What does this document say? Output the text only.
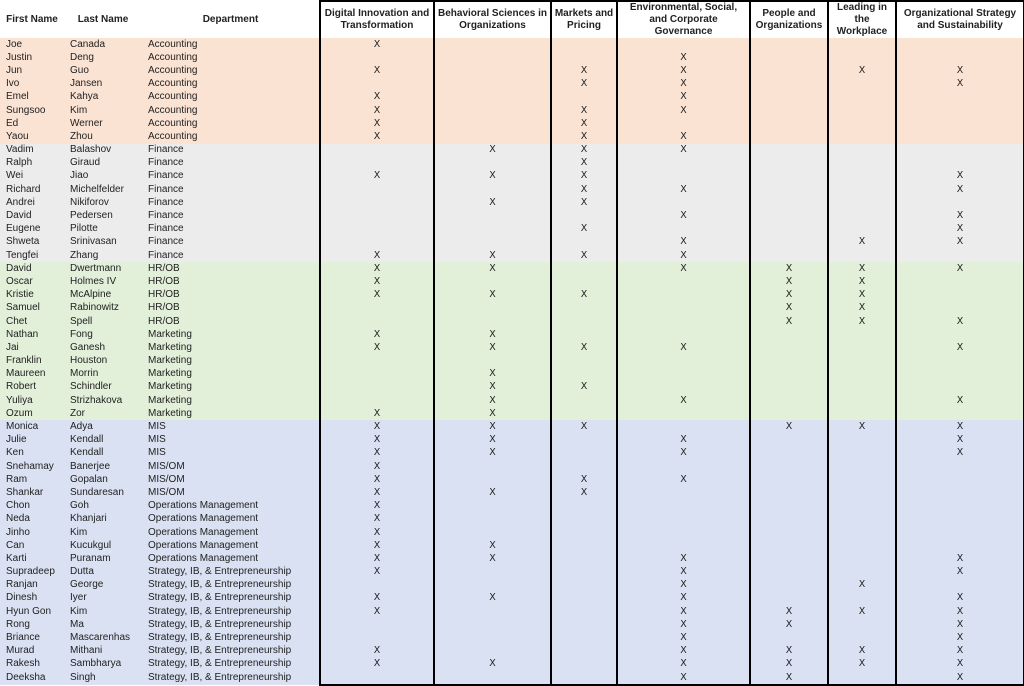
First Name	Last Name	Department	Digital Innovation and Transformation	Behavioral Sciences in Organizations	Markets and Pricing	Environmental, Social, and Corporate Governance	People and Organizations	Leading in the Workplace	Organizational Strategy and Sustainability
Joe	Canada	Accounting	X						
Justin	Deng	Accounting				X			
Jun	Guo	Accounting	X		X	X		X	X
Ivo	Jansen	Accounting			X	X			X
Emel	Kahya	Accounting	X			X			
Sungsoo	Kim	Accounting	X		X	X			
Ed	Werner	Accounting	X		X				
Yaou	Zhou	Accounting	X		X	X			
Vadim	Balashov	Finance		X	X	X			
Ralph	Giraud	Finance			X				
Wei	Jiao	Finance	X	X	X				X
Richard	Michelfelder	Finance			X	X			X
Andrei	Nikiforov	Finance		X	X				
David	Pedersen	Finance				X			X
Eugene	Pilotte	Finance			X				X
Shweta	Srinivasan	Finance				X		X	X
Tengfei	Zhang	Finance	X	X	X	X			
David	Dwertmann	HR/OB	X	X		X	X	X	X
Oscar	Holmes IV	HR/OB	X				X	X	
Kristie	McAlpine	HR/OB	X	X	X		X	X	
Samuel	Rabinowitz	HR/OB					X	X	
Chet	Spell	HR/OB					X	X	X
Nathan	Fong	Marketing	X	X					
Jai	Ganesh	Marketing	X	X	X	X			X
Franklin	Houston	Marketing							
Maureen	Morrin	Marketing		X					
Robert	Schindler	Marketing		X	X				
Yuliya	Strizhakova	Marketing		X		X			X
Ozum	Zor	Marketing	X	X					
Monica	Adya	MIS	X	X	X		X	X	X
Julie	Kendall	MIS	X	X		X			X
Ken	Kendall	MIS	X	X		X			X
Snehamay	Banerjee	MIS/OM	X						
Ram	Gopalan	MIS/OM	X		X	X			
Shankar	Sundaresan	MIS/OM	X	X	X				
Chon	Goh	Operations Management	X						
Neda	Khanjari	Operations Management	X						
Jinho	Kim	Operations Management	X						
Can	Kucukgul	Operations Management	X	X					
Karti	Puranam	Operations Management	X	X		X			X
Supradeep	Dutta	Strategy, IB, & Entrepreneurship	X			X			X
Ranjan	George	Strategy, IB, & Entrepreneurship				X		X	
Dinesh	Iyer	Strategy, IB, & Entrepreneurship	X	X		X			X
Hyun Gon	Kim	Strategy, IB, & Entrepreneurship	X			X	X	X	X
Rong	Ma	Strategy, IB, & Entrepreneurship				X	X		X
Briance	Mascarenhas	Strategy, IB, & Entrepreneurship				X			X
Murad	Mithani	Strategy, IB, & Entrepreneurship	X			X	X	X	X
Rakesh	Sambharya	Strategy, IB, & Entrepreneurship	X	X		X	X	X	X
Deeksha	Singh	Strategy, IB, & Entrepreneurship				X	X		X
